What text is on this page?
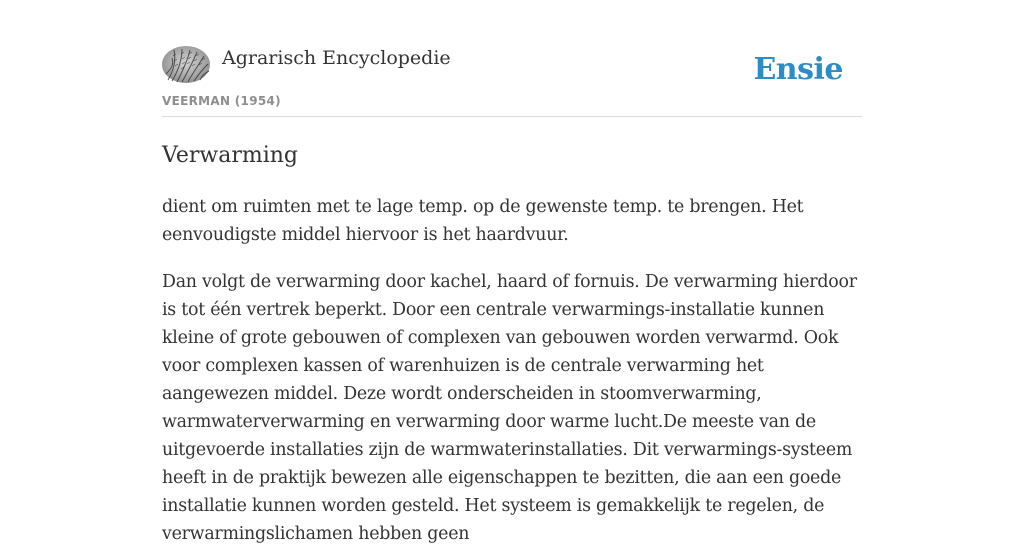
Agrarisch Encyclopedie
VEERMAN (1954)
Ensie
Verwarming

dient om ruimten met te lage temp. op de gewenste temp. te brengen. Het eenvoudigste middel hiervoor is het haardvuur.

Dan volgt de verwarming door kachel, haard of fornuis. De verwarming hierdoor is tot één vertrek beperkt. Door een centrale verwarmings-installatie kunnen kleine of grote gebouwen of complexen van gebouwen worden verwarmd. Ook voor complexen kassen of warenhuizen is de centrale verwarming het aangewezen middel. Deze wordt onderscheiden in stoomverwarming, warmwaterverwarming en verwarming door warme lucht.De meeste van de uitgevoerde installaties zijn de warmwaterinstallaties. Dit verwarmings-systeem heeft in de praktijk bewezen alle eigenschappen te bezitten, die aan een goede installatie kunnen worden gesteld. Het systeem is gemakkelijk te regelen, de verwarmingslichamen hebben geen
